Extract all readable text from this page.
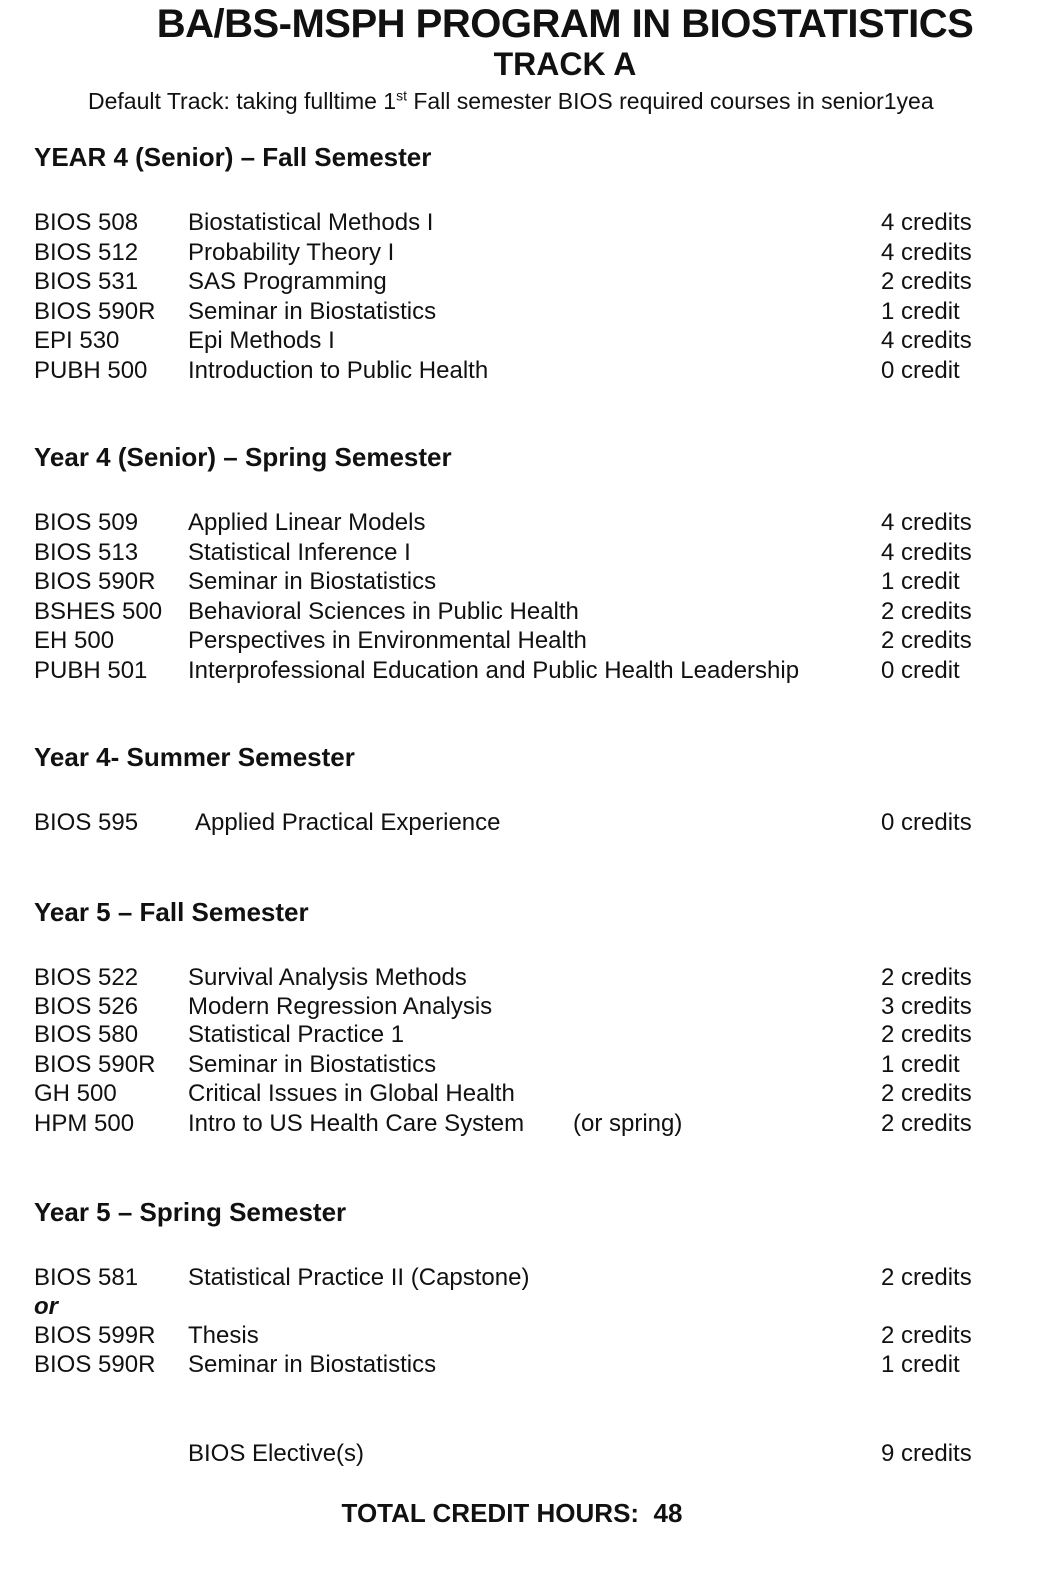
BA/BS-MSPH PROGRAM IN BIOSTATISTICS
TRACK A
Default Track: taking fulltime 1st Fall semester BIOS required courses in senior1yea
YEAR 4 (Senior) – Fall Semester
BIOS 508 Biostatistical Methods I	4 credits
BIOS 512 Probability Theory I	4 credits
BIOS 531 SAS Programming	2 credits
BIOS 590R Seminar in Biostatistics	1 credit
EPI 530	Epi Methods I	4 credits
PUBH 500 Introduction to Public Health	0 credit
Year 4 (Senior) – Spring Semester
BIOS 509 Applied Linear Models	4 credits
BIOS 513 Statistical Inference I	4 credits
BIOS 590R Seminar in Biostatistics	1 credit
BSHES 500 Behavioral Sciences in Public Health	2 credits
EH 500	Perspectives in Environmental Health	2 credits
PUBH 501 Interprofessional Education and Public Health Leadership	0 credit
Year 4- Summer Semester
BIOS 595 Applied Practical Experience	0 credits
Year 5 – Fall Semester
BIOS 522 Survival Analysis Methods	2 credits
BIOS 526 Modern Regression Analysis	3 credits
BIOS 580 Statistical Practice 1	2 credits
BIOS 590R Seminar in Biostatistics	1 credit
GH 500	Critical Issues in Global Health	2 credits
HPM 500 Intro to US Health Care System (or spring)	2 credits
Year 5 – Spring Semester
BIOS 581 Statistical Practice II (Capstone)	2 credits
or
BIOS 599R Thesis	2 credits
BIOS 590R Seminar in Biostatistics	1 credit
BIOS Elective(s)	9 credits
TOTAL CREDIT HOURS: 48
